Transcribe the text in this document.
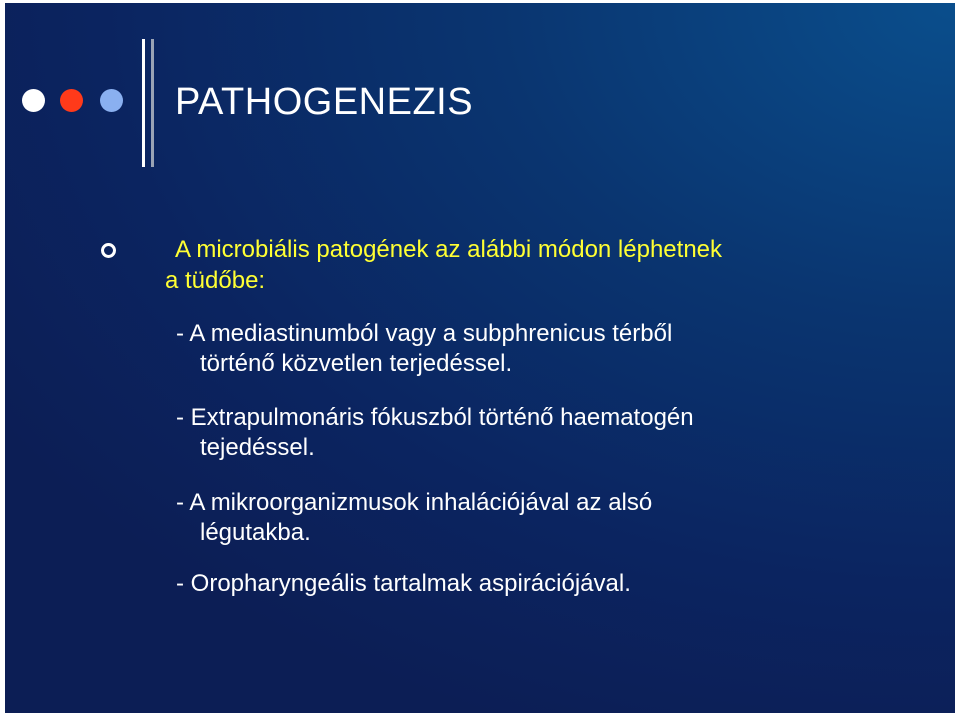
PATHOGENEZIS
A microbiális patogének az alábbi módon léphetnek
a tüdőbe:
- A mediastinumból vagy a subphrenicus térből
történő közvetlen terjedéssel.
- Extrapulmonáris fókuszból történő haematogén
tejedéssel.
- A mikroorganizmusok inhalációjával az alsó
légutakba.
- Oropharyngeális tartalmak aspirációjával.
